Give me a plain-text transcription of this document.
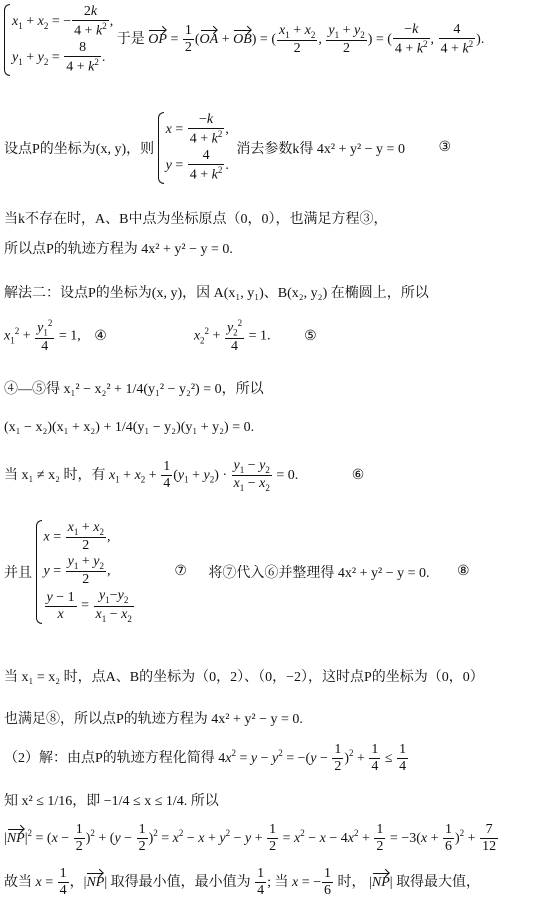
$x_1 + x_2$ = − $\frac{2k}{4 + k^2}$ ,
$y_1 + y_2 = \frac{8}{4 + k^2}$ .
于是 OP = $\frac{1}{2} (OA + OB)$ = ( $\frac{x_1 + x_2}{2}$ , $\frac{y_1 + y_2}{2}$ ) = ( $\frac{-k}{4 + k^2}$ , $\frac{4}{4 + k^2}$ ).
设点P的坐标为(x, y)，则
$x = \frac{-k}{4 + k^2}$ ,
$y = \frac{4}{4 + k^2}$ .
消去参数k得 4x² + y² − y = 0 ③
当k不存在时，A、B中点为坐标原点（0，0），也满足方程③，
所以点P的轨迹方程为 4x² + y² − y = 0.
解法二：设点P的坐标为(x, y)，因 A(x₁, y₁)、B(x₂, y₂) 在椭圆上，所以
$x_1^2 + \frac{y_1^2}{4} = 1$, ④	$x_2^2 + \frac{y_2^2}{4} = 1$. ⑤
④—⑤得 x₁² − x₂² + 1/4(y₁² − y₂²) = 0，所以
(x₁ − x₂)(x₁ + x₂) + 1/4(y₁ − y₂)(y₁ + y₂) = 0.
当 x₁ ≠ x₂ 时，有 $x_1 + x_2 + \frac{1}{4} (y_1 + y_2) \cdot \frac{y_1 - y_2}{x_1 - x_2} = 0$.	⑥
并且
$x = \frac{x_1 + x_2}{2}$ ,
$y = \frac{y_1 + y_2}{2}$ ,
$\frac{y - 1}{x} = \frac{y_1-y_2}{x_1 - x_2}$
⑦ 将⑦代入⑥并整理得 4x² + y² − y = 0. ⑧
当 x₁ = x₂ 时，点A、B的坐标为（0，2）、（0，−2），这时点P的坐标为（0，0）
也满足⑧，所以点P的轨迹方程为 4x² + y² − y = 0.
（2）解：由点P的轨迹方程化简得 $4x^2 = y - y^2 = -(y - \frac{1}{2} )^2 + \frac{1}{4} \le \frac{1}{4}$
知 x² ≤ 1/16，即 −1/4 ≤ x ≤ 1/4. 所以
$|NP|^2 = (x - \frac{1}{2} )^2 + (y - \frac{1}{2} )^2 = x^2 - x + y^2 - y + \frac{1}{2} = x^2 - x - 4x^2 + \frac{1}{2} = -3(x + \frac{1}{6} )^2 + \frac{7}{12}$
故当 $x = \frac{1}{4}$ ，|NP| 取得最小值，最小值为 $\frac{1}{4}$ ; 当 x = − $\frac{1}{6}$ 时， |NP| 取得最大值，
